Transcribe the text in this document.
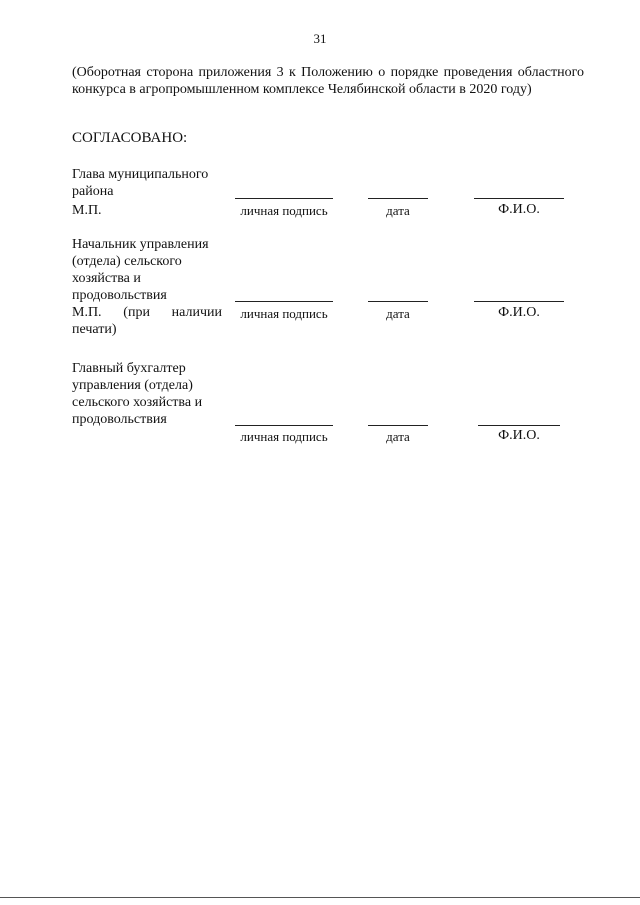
31
(Оборотная сторона приложения 3 к Положению о порядке проведения областного конкурса в агропромышленном комплексе Челябинской области в 2020 году)
СОГЛАСОВАНО:
Глава муниципального
района
М.П.	личная подпись	дата	Ф.И.О.
Начальник управления
(отдела) сельского
хозяйства и
продовольствия
М.П. (при наличии
печати)
личная подпись	дата	Ф.И.О.
Главный бухгалтер
управления (отдела)
сельского хозяйства и
продовольствия
личная подпись	дата	Ф.И.О.
